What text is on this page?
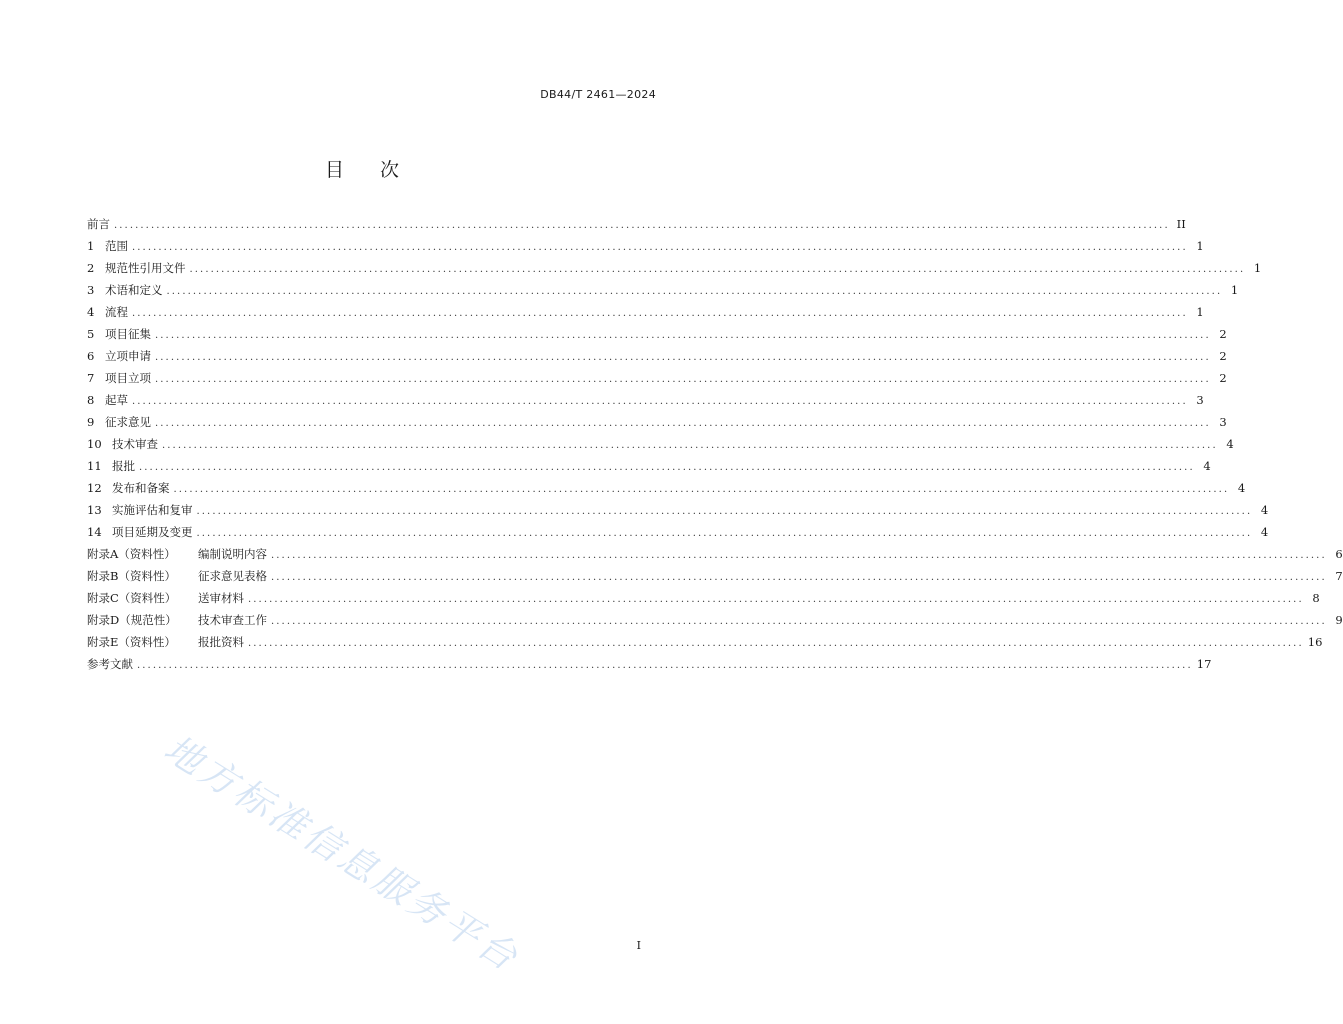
DB44/T 2461—2024
目次
前言 ........................................................................................................................................................................................................ II
1 范围 ........................................................................................................................................................................................................ 1
2 规范性引用文件 ........................................................................................................................................................................................................ 1
3 术语和定义 ........................................................................................................................................................................................................ 1
4 流程 ........................................................................................................................................................................................................ 1
5 项目征集 ........................................................................................................................................................................................................ 2
6 立项申请 ........................................................................................................................................................................................................ 2
7 项目立项 ........................................................................................................................................................................................................ 2
8 起草 ........................................................................................................................................................................................................ 3
9 征求意见 ........................................................................................................................................................................................................ 3
10 技术审查 ........................................................................................................................................................................................................ 4
11 报批 ........................................................................................................................................................................................................ 4
12 发布和备案 ........................................................................................................................................................................................................ 4
13 实施评估和复审 ........................................................................................................................................................................................................ 4
14 项目延期及变更 ........................................................................................................................................................................................................ 4
附录A（资料性）	编制说明内容 ........................................................................................................................................................................................................ 6
附录B（资料性）	征求意见表格 ........................................................................................................................................................................................................ 7
附录C（资料性）	送审材料 ........................................................................................................................................................................................................ 8
附录D（规范性）	技术审查工作 ........................................................................................................................................................................................................ 9
附录E（资料性）	报批资料 ........................................................................................................................................................................................................ 16
参考文献 ........................................................................................................................................................................................................ 17
I
地方标准信息服务平台
